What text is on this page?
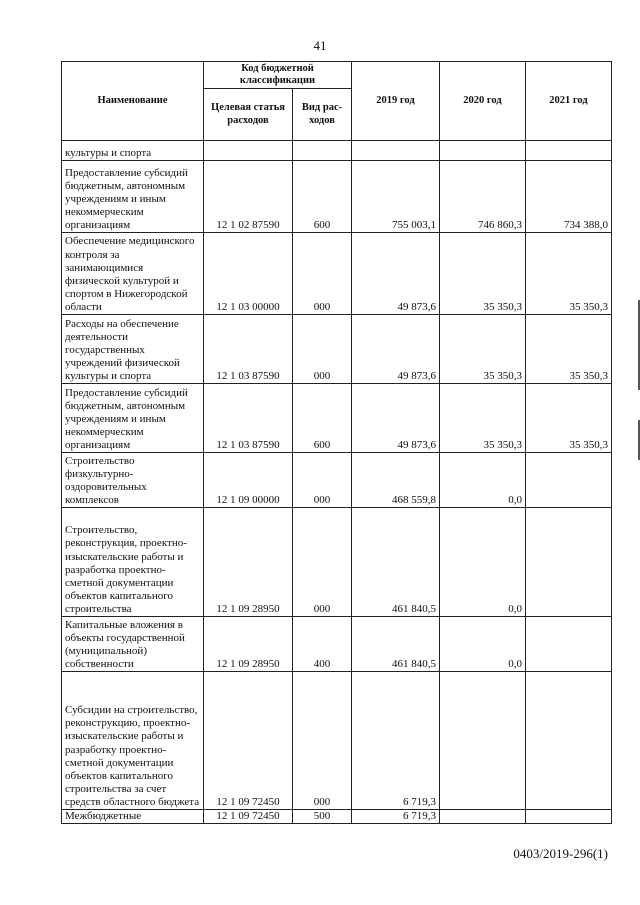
41
Наименование	Код бюджетной классификации		2019 год	2020 год	2021 год
	Целевая статья расходов	Вид рас-ходов			
культуры и спорта					
Предоставление субсидий бюджетным, автономным учреждениям и иным некоммерческим организациям	12 1 02 87590	600	755 003,1	746 860,3	734 388,0
Обеспечение медицинского контроля за занимающимися физической культурой и спортом в Нижегородской области	12 1 03 00000	000	49 873,6	35 350,3	35 350,3
Расходы на обеспечение деятельности государственных учреждений физической культуры и спорта	12 1 03 87590	000	49 873,6	35 350,3	35 350,3
Предоставление субсидий бюджетным, автономным учреждениям и иным некоммерческим организациям	12 1 03 87590	600	49 873,6	35 350,3	35 350,3
Строительство физкультурно-оздоровительных комплексов	12 1 09 00000	000	468 559,8	0,0	
Строительство, реконструкция, проектно-изыскательские работы и разработка проектно-сметной документации объектов капитального строительства	12 1 09 28950	000	461 840,5	0,0	
Капитальные вложения в объекты государственной (муниципальной) собственности	12 1 09 28950	400	461 840,5	0,0	
Субсидии на строительство, реконструкцию, проектно-изыскательские работы и разработку проектно-сметной документации объектов капитального строительства за счет средств областного бюджета	12 1 09 72450	000	6 719,3		
Межбюджетные	12 1 09 72450	500	6 719,3		
0403/2019-296(1)
